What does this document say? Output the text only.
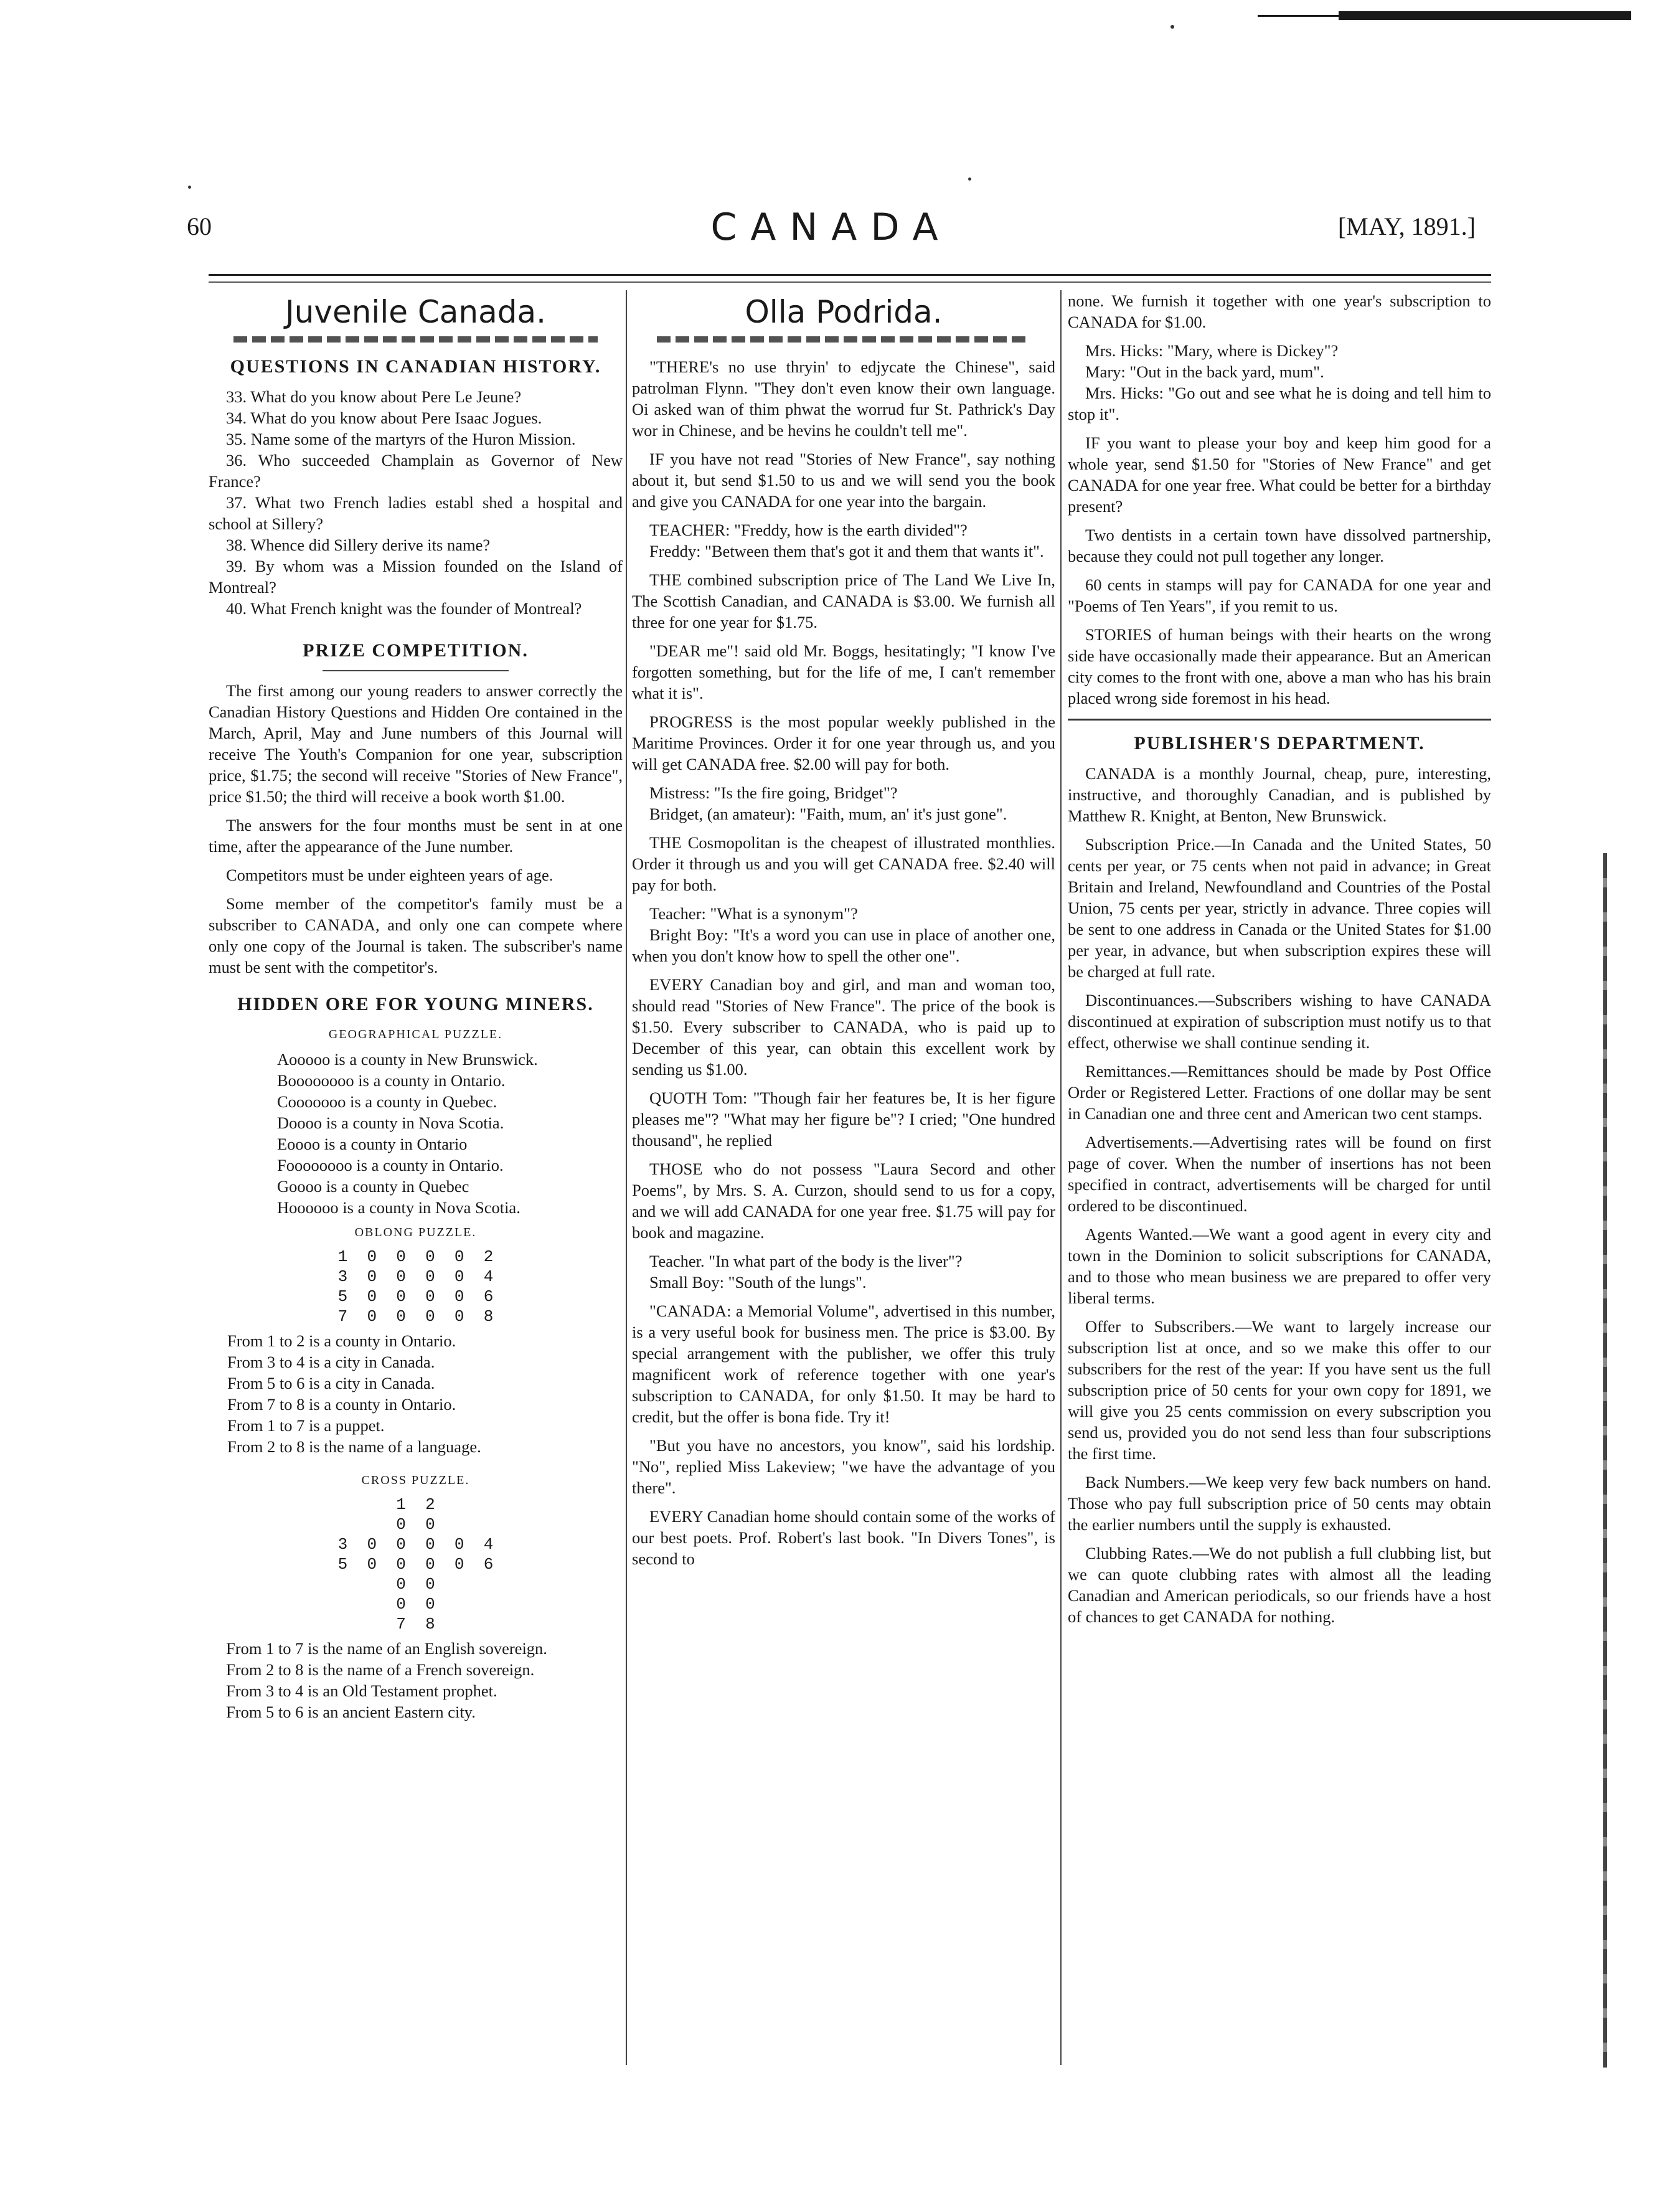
60	CANADA	[MAY, 1891.]
Juvenile Canada.
QUESTIONS IN CANADIAN HISTORY.

33. What do you know about Pere Le Jeune?

34. What do you know about Pere Isaac Jogues.

35. Name some of the martyrs of the Huron Mission.

36. Who succeeded Champlain as Governor of New France?

37. What two French ladies establ shed a hospital and school at Sillery?

38. Whence did Sillery derive its name?

39. By whom was a Mission founded on the Island of Montreal?

40. What French knight was the founder of Montreal?

PRIZE COMPETITION.

The first among our young readers to answer correctly the Canadian History Questions and Hidden Ore contained in the March, April, May and June numbers of this Journal will receive The Youth's Companion for one year, subscription price, $1.75; the second will receive "Stories of New France", price $1.50; the third will receive a book worth $1.00.

The answers for the four months must be sent in at one time, after the appearance of the June number.

Competitors must be under eighteen years of age.

Some member of the competitor's family must be a subscriber to CANADA, and only one can compete where only one copy of the Journal is taken. The subscriber's name must be sent with the competitor's.

HIDDEN ORE FOR YOUNG MINERS.
GEOGRAPHICAL PUZZLE.

Aooooo is a county in New Brunswick.

Boooooooo is a county in Ontario.

Cooooooo is a county in Quebec.

Doooo is a county in Nova Scotia.

Eoooo is a county in Ontario

Foooooooo is a county in Ontario.

Goooo is a county in Quebec

Hoooooo is a county in Nova Scotia.

OBLONG PUZZLE.
1  0  0  0  0  2
3  0  0  0  0  4
5  0  0  0  0  6
7  0  0  0  0  8

From 1 to 2 is a county in Ontario.

From 3 to 4 is a city in Canada.

From 5 to 6 is a city in Canada.

From 7 to 8 is a county in Ontario.

From 1 to 7 is a puppet.

From 2 to 8 is the name of a language.

CROSS PUZZLE.
1  2
0  0
3  0  0  0  0  4
5  0  0  0  0  6
0  0
0  0
7  8

From 1 to 7 is the name of an English sovereign.

From 2 to 8 is the name of a French sovereign.

From 3 to 4 is an Old Testament prophet.

From 5 to 6 is an ancient Eastern city.

Olla Podrida.

"THERE's no use thryin' to edjycate the Chinese", said patrolman Flynn. "They don't even know their own language. Oi asked wan of thim phwat the worrud fur St. Pathrick's Day wor in Chinese, and be hevins he couldn't tell me".

IF you have not read "Stories of New France", say nothing about it, but send $1.50 to us and we will send you the book and give you CANADA for one year into the bargain.

TEACHER: "Freddy, how is the earth divided"?

Freddy: "Between them that's got it and them that wants it".

THE combined subscription price of The Land We Live In, The Scottish Canadian, and CANADA is $3.00. We furnish all three for one year for $1.75.

"DEAR me"! said old Mr. Boggs, hesitatingly; "I know I've forgotten something, but for the life of me, I can't remember what it is".

PROGRESS is the most popular weekly published in the Maritime Provinces. Order it for one year through us, and you will get CANADA free. $2.00 will pay for both.

Mistress: "Is the fire going, Bridget"?

Bridget, (an amateur): "Faith, mum, an' it's just gone".

THE Cosmopolitan is the cheapest of illustrated monthlies. Order it through us and you will get CANADA free. $2.40 will pay for both.

Teacher: "What is a synonym"?

Bright Boy: "It's a word you can use in place of another one, when you don't know how to spell the other one".

EVERY Canadian boy and girl, and man and woman too, should read "Stories of New France". The price of the book is $1.50. Every subscriber to CANADA, who is paid up to December of this year, can obtain this excellent work by sending us $1.00.

QUOTH Tom: "Though fair her features be, It is her figure pleases me"? "What may her figure be"? I cried; "One hundred thousand", he replied

THOSE who do not possess "Laura Secord and other Poems", by Mrs. S. A. Curzon, should send to us for a copy, and we will add CANADA for one year free. $1.75 will pay for book and magazine.

Teacher. "In what part of the body is the liver"?

Small Boy: "South of the lungs".

"CANADA: a Memorial Volume", advertised in this number, is a very useful book for business men. The price is $3.00. By special arrangement with the publisher, we offer this truly magnificent work of reference together with one year's subscription to CANADA, for only $1.50. It may be hard to credit, but the offer is bona fide. Try it!

"But you have no ancestors, you know", said his lordship. "No", replied Miss Lakeview; "we have the advantage of you there".

EVERY Canadian home should contain some of the works of our best poets. Prof. Robert's last book. "In Divers Tones", is second to

none. We furnish it together with one year's subscription to CANADA for $1.00.

Mrs. Hicks: "Mary, where is Dickey"?

Mary: "Out in the back yard, mum".

Mrs. Hicks: "Go out and see what he is doing and tell him to stop it".

IF you want to please your boy and keep him good for a whole year, send $1.50 for "Stories of New France" and get CANADA for one year free. What could be better for a birthday present?

Two dentists in a certain town have dissolved partnership, because they could not pull together any longer.

60 cents in stamps will pay for CANADA for one year and "Poems of Ten Years", if you remit to us.

STORIES of human beings with their hearts on the wrong side have occasionally made their appearance. But an American city comes to the front with one, above a man who has his brain placed wrong side foremost in his head.

PUBLISHER'S DEPARTMENT.

CANADA is a monthly Journal, cheap, pure, interesting, instructive, and thoroughly Canadian, and is published by Matthew R. Knight, at Benton, New Brunswick.

Subscription Price.—In Canada and the United States, 50 cents per year, or 75 cents when not paid in advance; in Great Britain and Ireland, Newfoundland and Countries of the Postal Union, 75 cents per year, strictly in advance. Three copies will be sent to one address in Canada or the United States for $1.00 per year, in advance, but when subscription expires these will be charged at full rate.

Discontinuances.—Subscribers wishing to have CANADA discontinued at expiration of subscription must notify us to that effect, otherwise we shall continue sending it.

Remittances.—Remittances should be made by Post Office Order or Registered Letter. Fractions of one dollar may be sent in Canadian one and three cent and American two cent stamps.

Advertisements.—Advertising rates will be found on first page of cover. When the number of insertions has not been specified in contract, advertisements will be charged for until ordered to be discontinued.

Agents Wanted.—We want a good agent in every city and town in the Dominion to solicit subscriptions for CANADA, and to those who mean business we are prepared to offer very liberal terms.

Offer to Subscribers.—We want to largely increase our subscription list at once, and so we make this offer to our subscribers for the rest of the year: If you have sent us the full subscription price of 50 cents for your own copy for 1891, we will give you 25 cents commission on every subscription you send us, provided you do not send less than four subscriptions the first time.

Back Numbers.—We keep very few back numbers on hand. Those who pay full subscription price of 50 cents may obtain the earlier numbers until the supply is exhausted.

Clubbing Rates.—We do not publish a full clubbing list, but we can quote clubbing rates with almost all the leading Canadian and American periodicals, so our friends have a host of chances to get CANADA for nothing.
